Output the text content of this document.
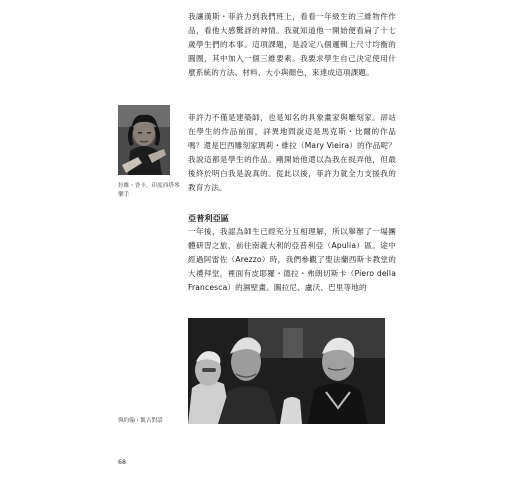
我讓漢斯・菲許力到我們班上，看看一年級生的三維物件作品，看他大感驚訝的神情。我就知道他一開始便看扁了十七歲學生們的本事。這項課題，是設定八個邏輯上尺寸均衡的圓圈，其中加入一個三維要素。我要求學生自己決定使用什麼系統的方法、材料、大小與顏色，來達成這項課題。

拉維・香卡，印度西塔琴樂手

菲許力不僅是建築師，也是知名的具象畫家與雕刻家。卻站在學生的作品前面，詳異地問說這是馬克斯・比爾的作品嗎？還是巴西雕刻家瑪莉・維拉（Mary Vieira）的作品呢？我說這都是學生的作品。剛開始他還以為我在捉弄他，但最後終於明白我是說真的。從此以後，菲許力就全力支援我的教育方法。

亞普利亞區

一年後，我認為師生已經充分互相理解，所以舉辦了一場團體研習之旅，前往南義大利的亞普利亞（Apulia）區。途中經過阿雷佐（Arezzo）時，我們參觀了聖法蘭西斯卡教堂的大禮拜堂，裡面有皮耶羅・德拉・弗朗切斯卡（Piero della Francesca）的濕壁畫。圖拉尼、盧沃、巴里等地的

與約翰・凱吉對話

68
